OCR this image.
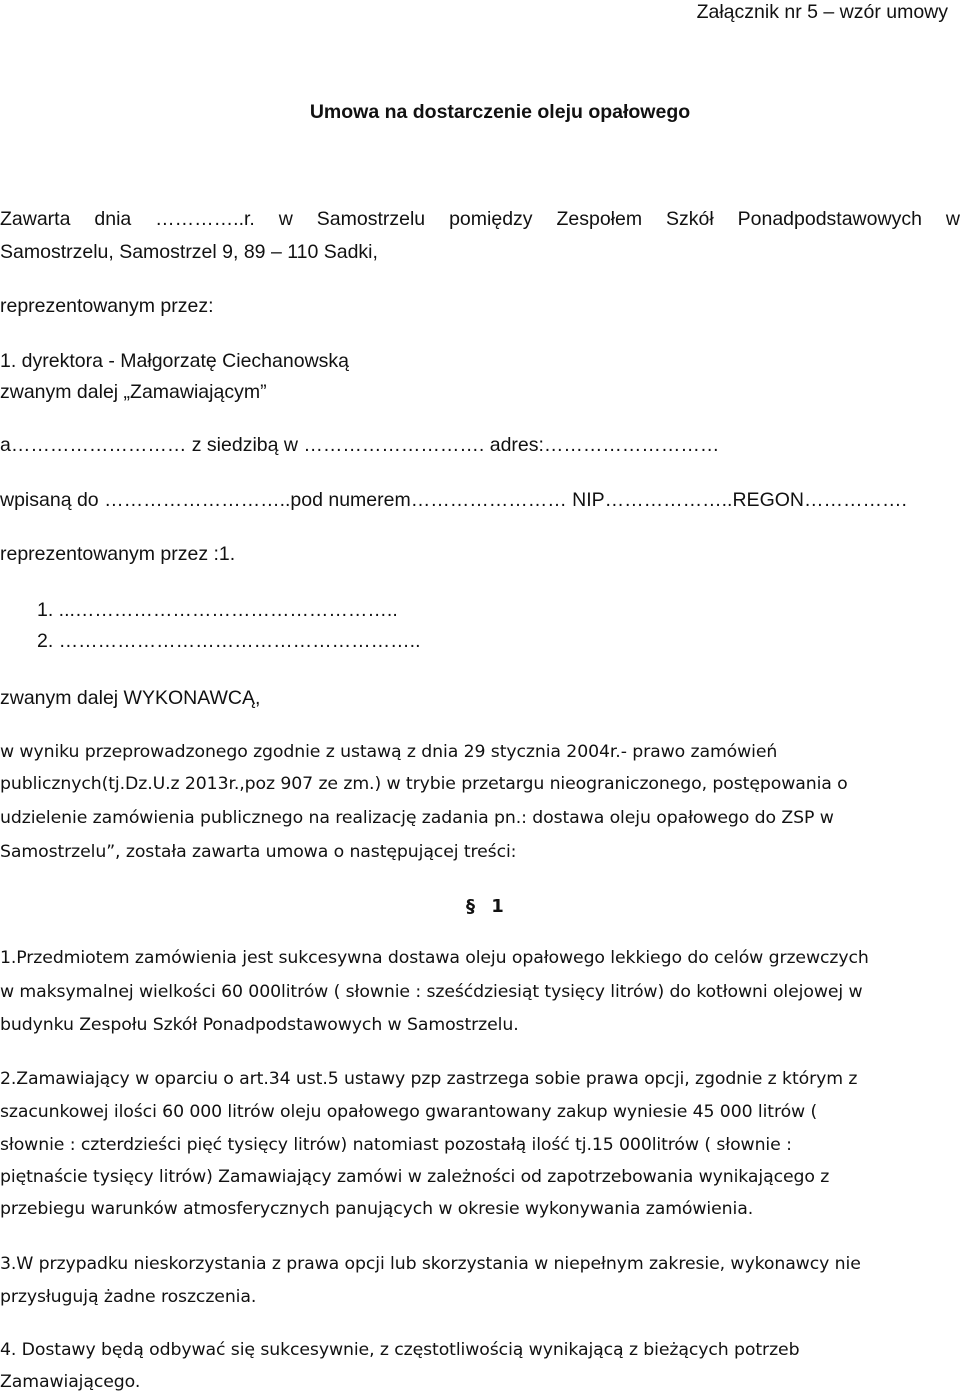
Załącznik nr 5 – wzór umowy
Umowa na dostarczenie oleju opałowego
Zawarta dnia …………..r. w Samostrzelu pomiędzy Zespołem Szkół Ponadpodstawowych w
Samostrzelu, Samostrzel 9, 89 – 110 Sadki,
reprezentowanym przez:
1. dyrektora - Małgorzatę Ciechanowską
zwanym dalej „Zamawiającym”
a……………………… z siedzibą w ………………………. adres:………………………
wpisaną do ………………………..pod numerem…………………… NIP………………..REGON…………….
reprezentowanym przez :1.
1. ...…………………………………………..
2. ………………………………………………..
zwanym dalej WYKONAWCĄ,
w wyniku przeprowadzonego zgodnie z ustawą z dnia 29 stycznia 2004r.- prawo zamówień
publicznych(tj.Dz.U.z 2013r.,poz 907 ze zm.) w trybie przetargu nieograniczonego, postępowania o
udzielenie zamówienia publicznego na realizację zadania pn.: dostawa oleju opałowego do ZSP w
Samostrzelu”, została zawarta umowa o następującej treści:
§ 1
1.Przedmiotem zamówienia jest sukcesywna dostawa oleju opałowego lekkiego do celów grzewczych
w maksymalnej wielkości 60 000litrów ( słownie : sześćdziesiąt tysięcy litrów) do kotłowni olejowej w
budynku Zespołu Szkół Ponadpodstawowych w Samostrzelu.
2.Zamawiający w oparciu o art.34 ust.5 ustawy pzp zastrzega sobie prawa opcji, zgodnie z którym z
szacunkowej ilości 60 000 litrów oleju opałowego gwarantowany zakup wyniesie 45 000 litrów (
słownie : czterdzieści pięć tysięcy litrów) natomiast pozostałą ilość tj.15 000litrów ( słownie :
piętnaście tysięcy litrów) Zamawiający zamówi w zależności od zapotrzebowania wynikającego z
przebiegu warunków atmosferycznych panujących w okresie wykonywania zamówienia.
3.W przypadku nieskorzystania z prawa opcji lub skorzystania w niepełnym zakresie, wykonawcy nie
przysługują żadne roszczenia.
4. Dostawy będą odbywać się sukcesywnie, z częstotliwością wynikającą z bieżących potrzeb
Zamawiającego.
